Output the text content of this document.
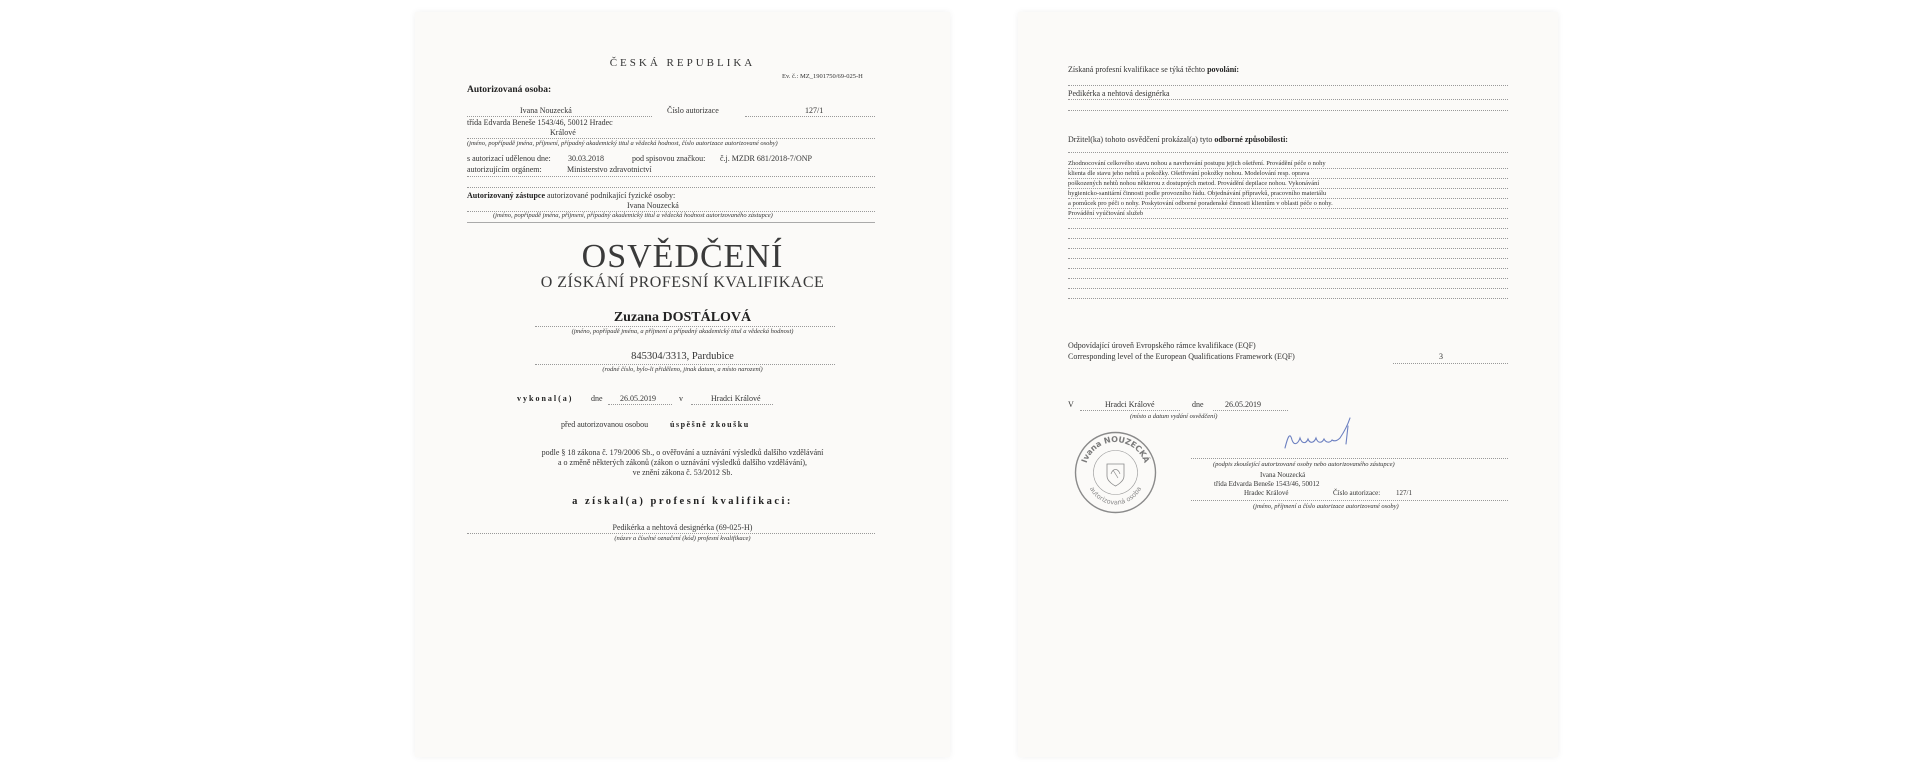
ČESKÁ REPUBLIKA
Ev. č.: MZ_1901750/69-025-H
Autorizovaná osoba:
Ivana Nouzecká	Číslo autorizace	127/1
třída Edvarda Beneše 1543/46, 50012 Hradec
Králové
(jméno, popřípadě jména, příjmení, případný akademický titul a vědecká hodnost, číslo autorizace autorizované osoby)
s autorizací udělenou dne: 30.03.2018	pod spisovou značkou: č.j. MZDR 681/2018-7/ONP
autorizujícím orgánem:	Ministerstvo zdravotnictví
Autorizovaný zástupce autorizované podnikající fyzické osoby:
Ivana Nouzecká
(jméno, popřípadě jména, příjmení, případný akademický titul a vědecká hodnost autorizovaného zástupce)
OSVĚDČENÍ
O ZÍSKÁNÍ PROFESNÍ KVALIFIKACE
Zuzana DOSTÁLOVÁ
(jméno, popřípadě jména, a příjmení a případný akademický titul a vědecká hodnost)
845304/3313, Pardubice
(rodné číslo, bylo-li přiděleno, jinak datum, a místo narození)
vykonal(a) dne 26.05.2019	v	Hradci Králové
před autorizovanou osobou	úspěšně zkoušku
podle § 18 zákona č. 179/2006 Sb., o ověřování a uznávání výsledků dalšího vzdělávání
a o změně některých zákonů (zákon o uznávání výsledků dalšího vzdělávání),
ve znění zákona č. 53/2012 Sb.
a získal(a) profesní kvalifikaci:
Pedikérka a nehtová designérka (69-025-H)
(název a číselné označení (kód) profesní kvalifikace)
Získaná profesní kvalifikace se týká těchto povolání:
Pedikérka a nehtová designérka
Držitel(ka) tohoto osvědčení prokázal(a) tyto odborné způsobilosti:
Zhodnocování celkového stavu nohou a navrhování postupu jejich ošetření. Provádění péče o nohy
klienta dle stavu jeho nehtů a pokožky. Ošetřování pokožky nohou. Modelování resp. oprava
poškozených nehtů nohou některou z dostupných metod. Provádění depilace nohou. Vykonávání
hygienicko-sanitární činnosti podle provozního řádu. Objednávání přípravků, pracovního materiálu
a pomůcek pro péči o nohy. Poskytování odborné poradenské činnosti klientům v oblasti péče o nohy.
Provádění vyúčtování služeb
Odpovídající úroveň Evropského rámce kvalifikace (EQF)
Corresponding level of the European Qualifications Framework (EQF)	3
V	Hradci Králové	dne	26.05.2019
(místo a datum vydání osvědčení)
Ivana NOUZECKÁ
autorizovaná osoba
(podpis zkoušející autorizované osoby nebo autorizovaného zástupce)
Ivana Nouzecká
třída Edvarda Beneše 1543/46, 50012
Hradec Králové	Číslo autorizace: 127/1
(jméno, příjmení a číslo autorizace autorizované osoby)
